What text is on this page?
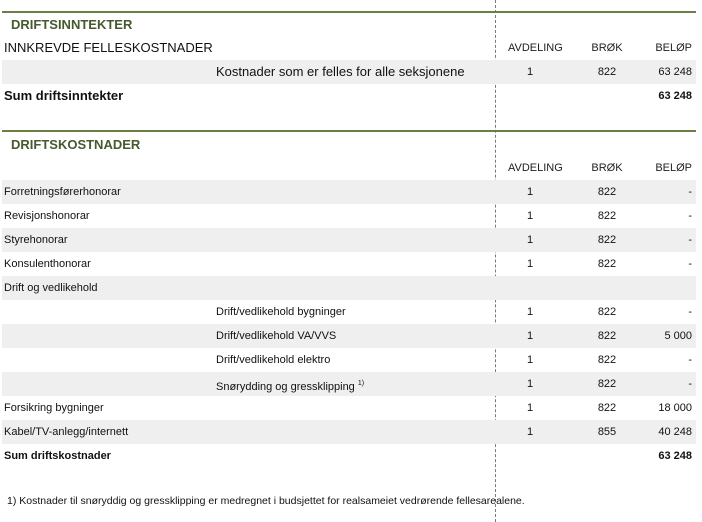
DRIFTSINNTEKTER
INNKREVDE FELLESKOSTNADER	AVDELING	BRØK	BELØP
Kostnader som er felles for alle seksjonene	1	822	63 248
Sum driftsinntekter	63 248
DRIFTSKOSTNADER
AVDELING	BRØK	BELØP
Forretningsførerhonorar	1	822	-
Revisjonshonorar	1	822	-
Styrehonorar	1	822	-
Konsulenthonorar	1	822	-
Drift og vedlikehold
Drift/vedlikehold bygninger	1	822	-
Drift/vedlikehold VA/VVS	1	822	5 000
Drift/vedlikehold elektro	1	822	-
Snørydding og gressklipping $^{1)}$	1	822	-
Forsikring bygninger	1	822	18 000
Kabel/TV-anlegg/internett	1	855	40 248
Sum driftskostnader	63 248
1) Kostnader til snøryddig og gressklipping er medregnet i budsjettet for realsameiet vedrørende fellesarealene.
